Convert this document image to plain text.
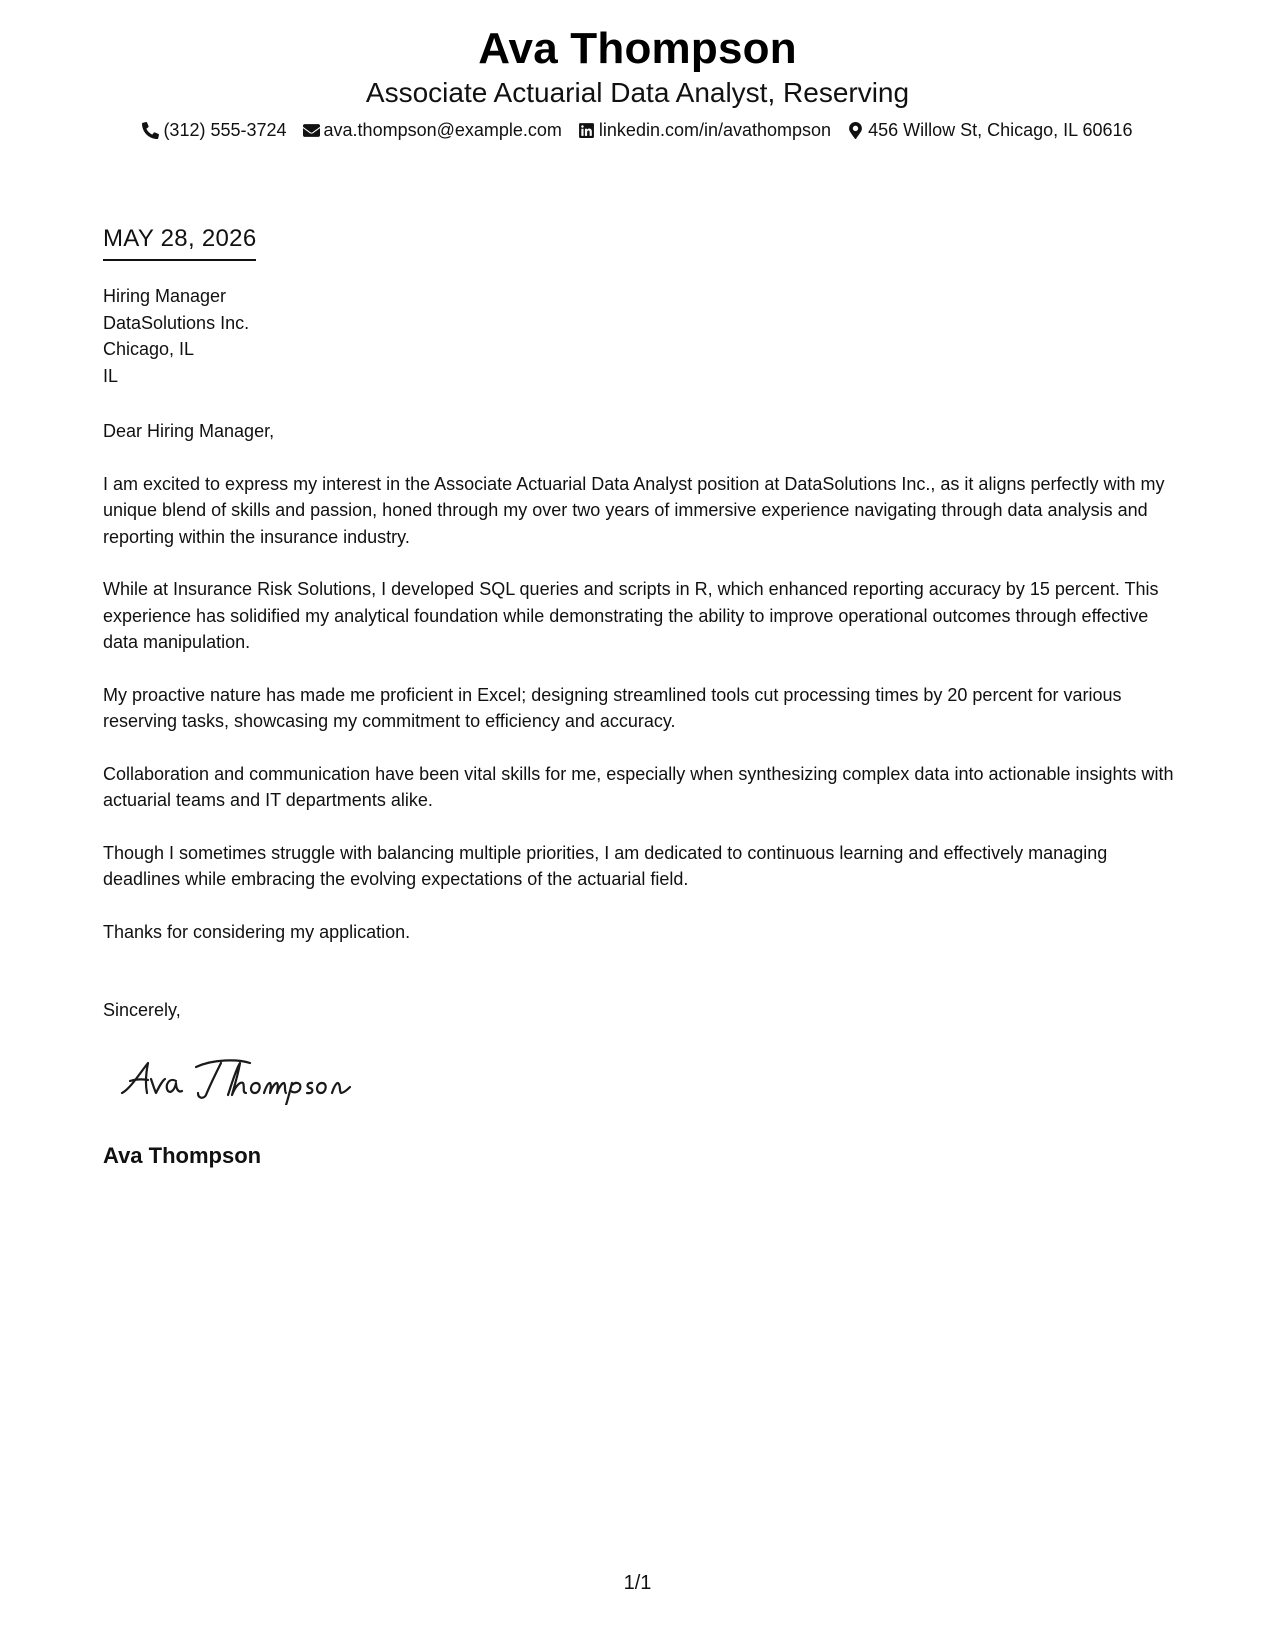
Ava Thompson
Associate Actuarial Data Analyst, Reserving
(312) 555-3724 ava.thompson@example.com linkedin.com/in/avathompson 456 Willow St, Chicago, IL 60616
MAY 28, 2026
Hiring Manager
DataSolutions Inc.
Chicago, IL
IL
Dear Hiring Manager,
I am excited to express my interest in the Associate Actuarial Data Analyst position at DataSolutions Inc., as it aligns perfectly with my unique blend of skills and passion, honed through my over two years of immersive experience navigating through data analysis and reporting within the insurance industry.
While at Insurance Risk Solutions, I developed SQL queries and scripts in R, which enhanced reporting accuracy by 15 percent. This experience has solidified my analytical foundation while demonstrating the ability to improve operational outcomes through effective data manipulation.
My proactive nature has made me proficient in Excel; designing streamlined tools cut processing times by 20 percent for various reserving tasks, showcasing my commitment to efficiency and accuracy.
Collaboration and communication have been vital skills for me, especially when synthesizing complex data into actionable insights with actuarial teams and IT departments alike.
Though I sometimes struggle with balancing multiple priorities, I am dedicated to continuous learning and effectively managing deadlines while embracing the evolving expectations of the actuarial field.
Thanks for considering my application.
Sincerely,
Ava Thompson
1/1
